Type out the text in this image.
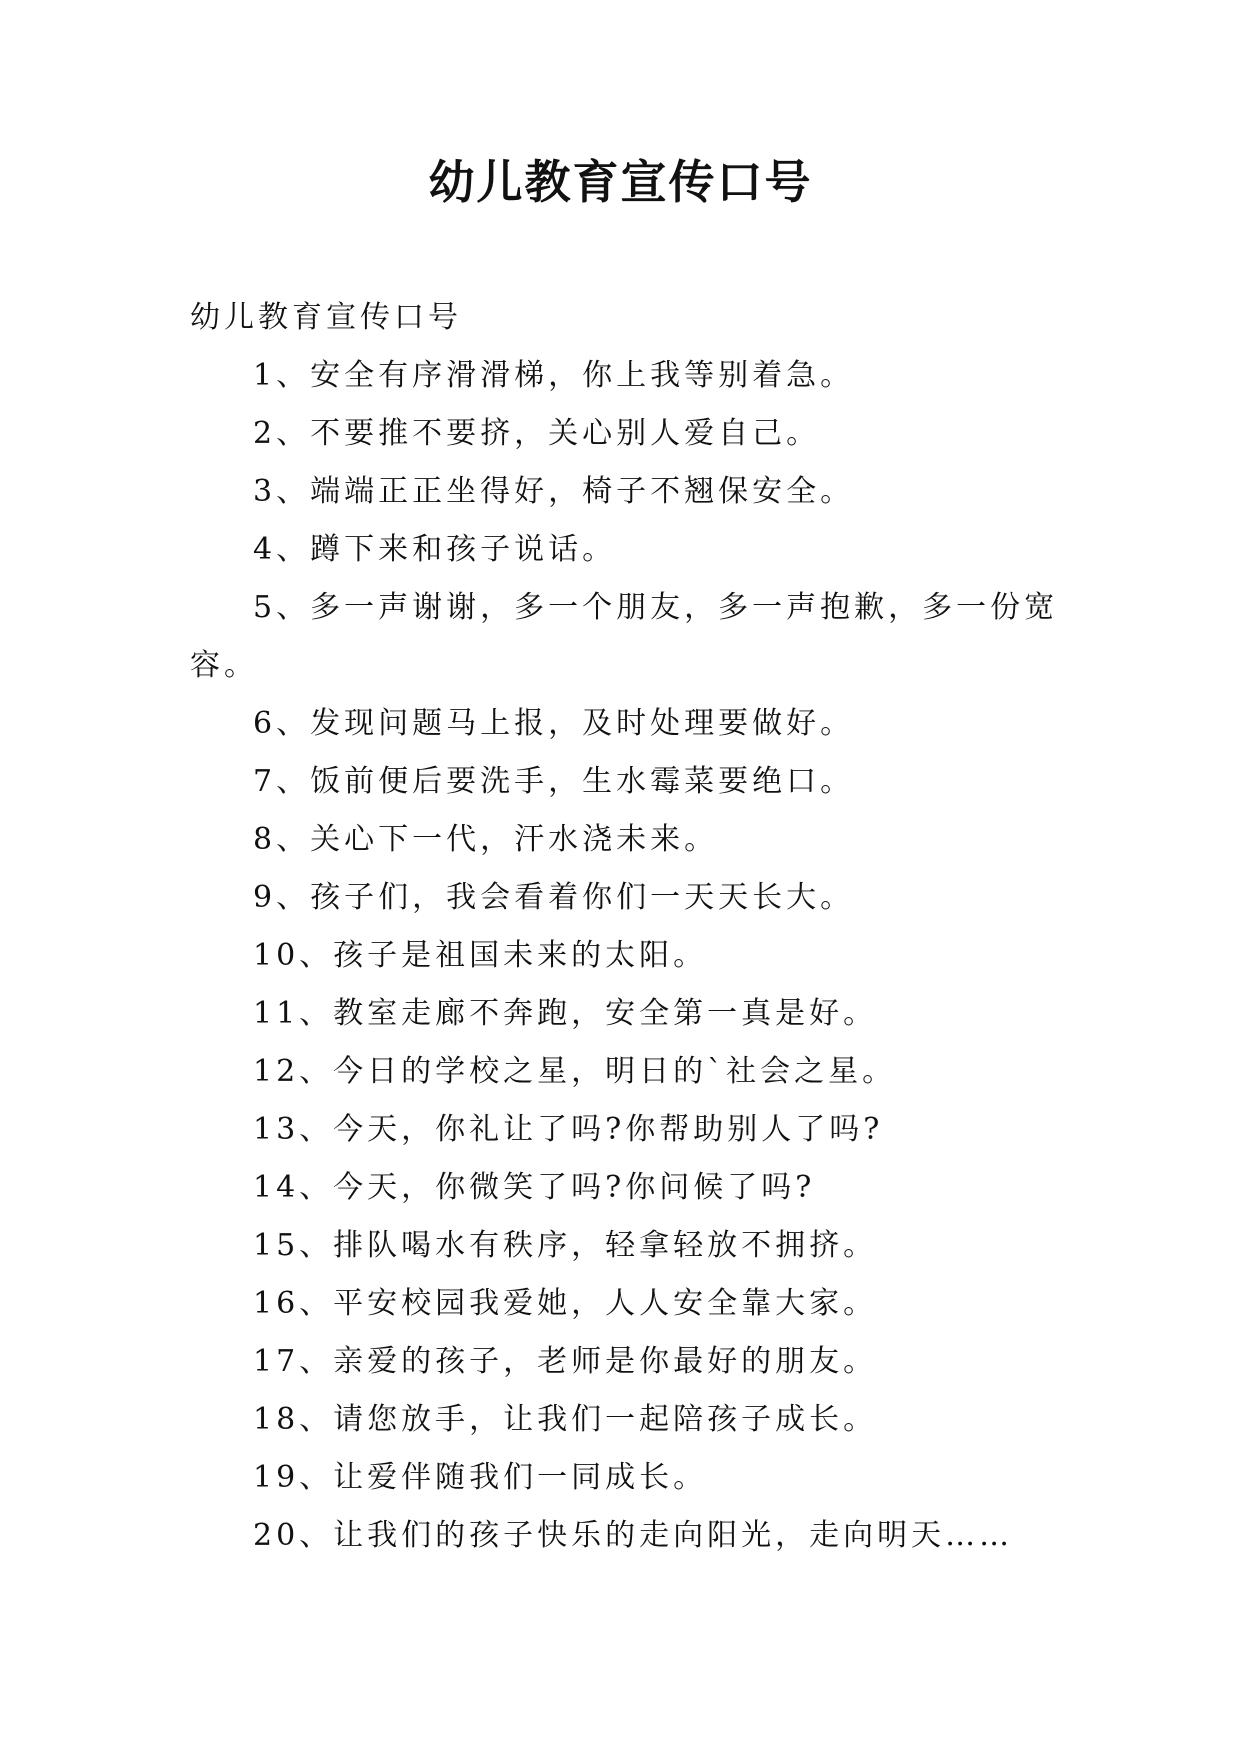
幼儿教育宣传口号

幼儿教育宣传口号

1、安全有序滑滑梯，你上我等别着急。

2、不要推不要挤，关心别人爱自己。

3、端端正正坐得好，椅子不翘保安全。

4、蹲下来和孩子说话。

5、多一声谢谢，多一个朋友，多一声抱歉，多一份宽容。

6、发现问题马上报，及时处理要做好。

7、饭前便后要洗手，生水霉菜要绝口。

8、关心下一代，汗水浇未来。

9、孩子们，我会看着你们一天天长大。

10、孩子是祖国未来的太阳。

11、教室走廊不奔跑，安全第一真是好。

12、今日的学校之星，明日的`社会之星。

13、今天，你礼让了吗?你帮助别人了吗?

14、今天，你微笑了吗?你问候了吗?

15、排队喝水有秩序，轻拿轻放不拥挤。

16、平安校园我爱她，人人安全靠大家。

17、亲爱的孩子，老师是你最好的朋友。

18、请您放手，让我们一起陪孩子成长。

19、让爱伴随我们一同成长。

20、让我们的孩子快乐的走向阳光，走向明天……
